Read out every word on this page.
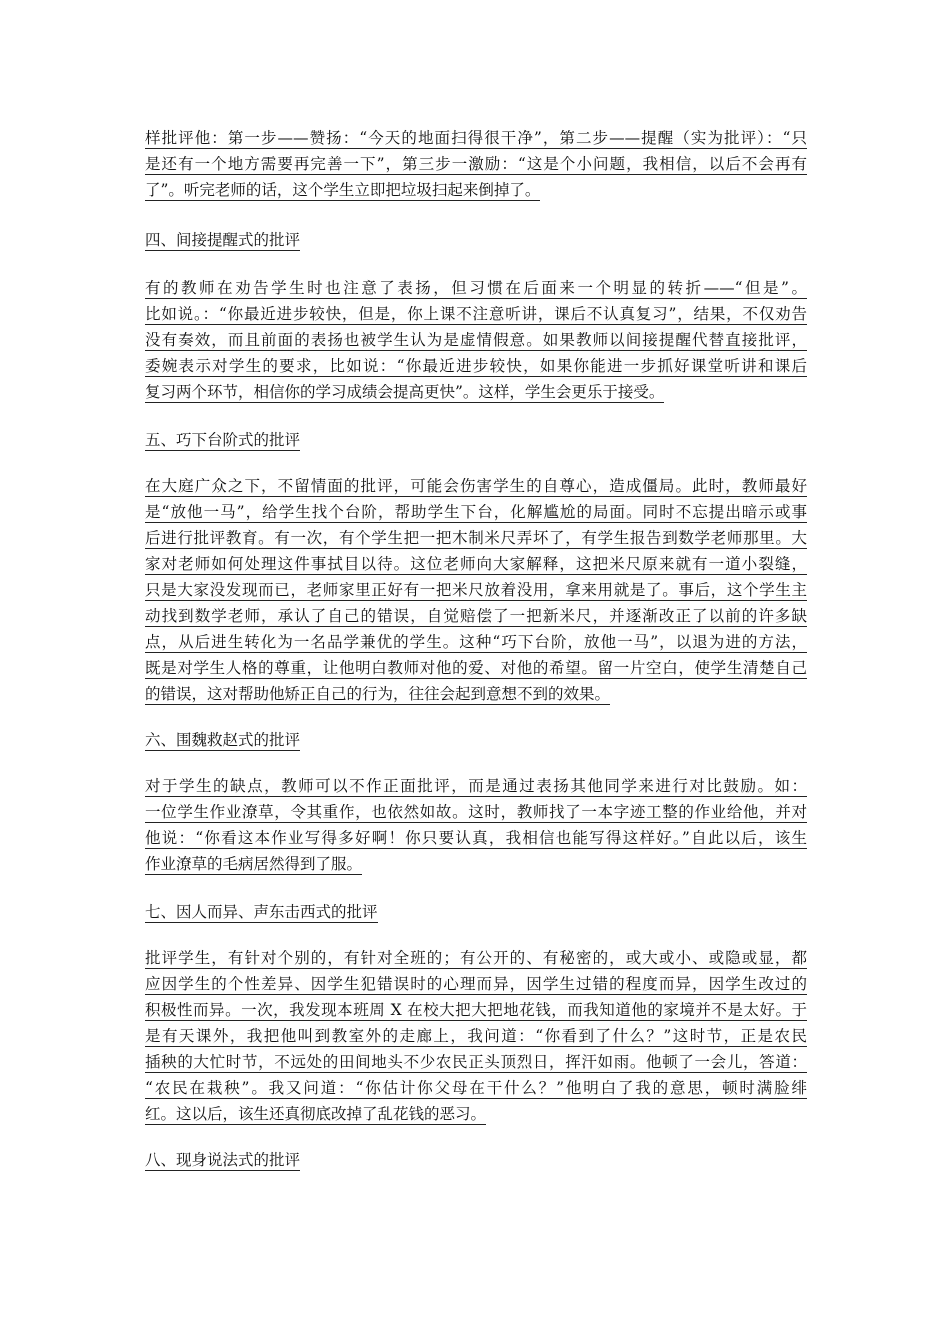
样批评他：第一步——赞扬：“今天的地面扫得很干净”，第二步——提醒（实为批评）：“只
是还有一个地方需要再完善一下”，第三步一激励：“这是个小问题，我相信，以后不会再有
了”。听完老师的话，这个学生立即把垃圾扫起来倒掉了。
四、间接提醒式的批评
有的教师在劝告学生时也注意了表扬，但习惯在后面来一个明显的转折——“但是”。
比如说。：“你最近进步较快，但是，你上课不注意听讲，课后不认真复习”，结果，不仅劝告
没有奏效，而且前面的表扬也被学生认为是虚情假意。如果教师以间接提醒代替直接批评，
委婉表示对学生的要求，比如说：“你最近进步较快，如果你能进一步抓好课堂听讲和课后
复习两个环节，相信你的学习成绩会提高更快”。这样，学生会更乐于接受。
五、巧下台阶式的批评
在大庭广众之下，不留情面的批评，可能会伤害学生的自尊心，造成僵局。此时，教师最好
是“放他一马”，给学生找个台阶，帮助学生下台，化解尴尬的局面。同时不忘提出暗示或事
后进行批评教育。有一次，有个学生把一把木制米尺弄坏了，有学生报告到数学老师那里。大
家对老师如何处理这件事拭目以待。这位老师向大家解释，这把米尺原来就有一道小裂缝，
只是大家没发现而已，老师家里正好有一把米尺放着没用，拿来用就是了。事后，这个学生主
动找到数学老师，承认了自己的错误，自觉赔偿了一把新米尺，并逐渐改正了以前的许多缺
点，从后进生转化为一名品学兼优的学生。这种“巧下台阶，放他一马”，以退为进的方法，
既是对学生人格的尊重，让他明白教师对他的爱、对他的希望。留一片空白，使学生清楚自己
的错误，这对帮助他矫正自己的行为，往往会起到意想不到的效果。
六、围魏救赵式的批评
对于学生的缺点，教师可以不作正面批评，而是通过表扬其他同学来进行对比鼓励。如：
一位学生作业潦草，令其重作，也依然如故。这时，教师找了一本字迹工整的作业给他，并对
他说：“你看这本作业写得多好啊！你只要认真，我相信也能写得这样好。”自此以后，该生
作业潦草的毛病居然得到了服。
七、因人而异、声东击西式的批评
批评学生，有针对个别的，有针对全班的；有公开的、有秘密的，或大或小、或隐或显，都
应因学生的个性差异、因学生犯错误时的心理而异，因学生过错的程度而异，因学生改过的
积极性而异。一次，我发现本班周 X 在校大把大把地花钱，而我知道他的家境并不是太好。于
是有天课外，我把他叫到教室外的走廊上，我问道：“你看到了什么？”这时节，正是农民
插秧的大忙时节，不远处的田间地头不少农民正头顶烈日，挥汗如雨。他顿了一会儿，答道：
“农民在栽秧”。我又问道：“你估计你父母在干什么？”他明白了我的意思，顿时满脸绯
红。这以后，该生还真彻底改掉了乱花钱的恶习。
八、现身说法式的批评
